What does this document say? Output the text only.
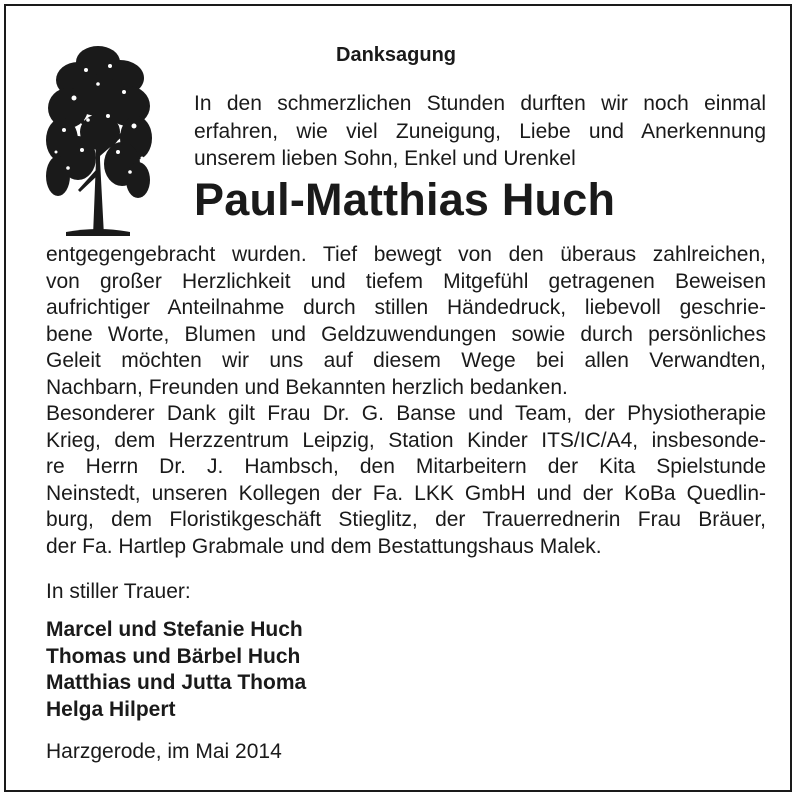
Danksagung
In den schmerzlichen Stunden durften wir noch einmal
erfahren, wie viel Zuneigung, Liebe und Anerkennung
unserem lieben Sohn, Enkel und Urenkel
Paul-Matthias Huch
entgegengebracht wurden. Tief bewegt von den überaus zahlreichen,
von großer Herzlichkeit und tiefem Mitgefühl getragenen Beweisen
aufrichtiger Anteilnahme durch stillen Händedruck, liebevoll geschrie-
bene Worte, Blumen und Geldzuwendungen sowie durch persönliches
Geleit möchten wir uns auf diesem Wege bei allen Verwandten,
Nachbarn, Freunden und Bekannten herzlich bedanken.
Besonderer Dank gilt Frau Dr. G. Banse und Team, der Physiotherapie
Krieg, dem Herzzentrum Leipzig, Station Kinder ITS/IC/A4, insbesonde-
re Herrn Dr. J. Hambsch, den Mitarbeitern der Kita Spielstunde
Neinstedt, unseren Kollegen der Fa. LKK GmbH und der KoBa Quedlin-
burg, dem Floristikgeschäft Stieglitz, der Trauerrednerin Frau Bräuer,
der Fa. Hartlep Grabmale und dem Bestattungshaus Malek.
In stiller Trauer:
Marcel und Stefanie Huch
Thomas und Bärbel Huch
Matthias und Jutta Thoma
Helga Hilpert
Harzgerode, im Mai 2014
